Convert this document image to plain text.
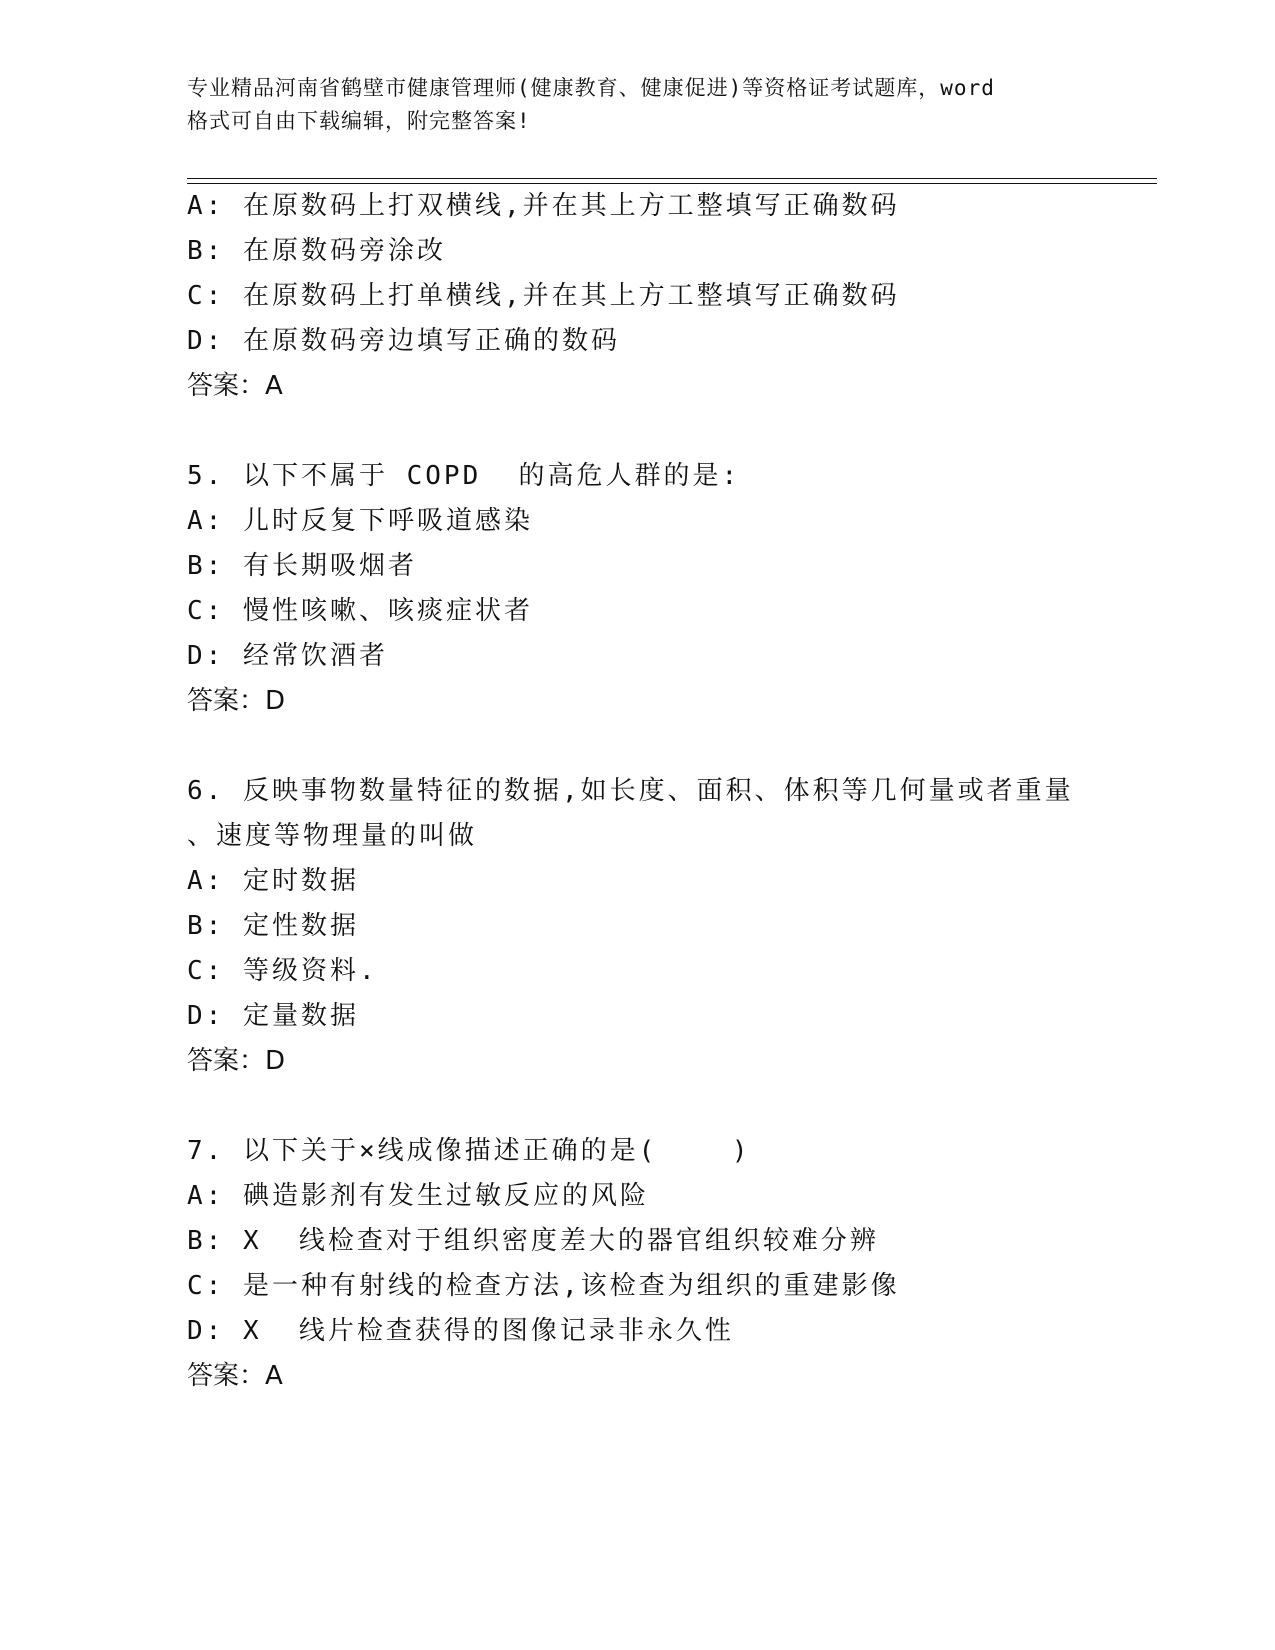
专业精品河南省鹤壁市健康管理师(健康教育、健康促进)等资格证考试题库，word
格式可自由下载编辑，附完整答案!
A: 在原数码上打双横线,并在其上方工整填写正确数码
B: 在原数码旁涂改
C: 在原数码上打单横线,并在其上方工整填写正确数码
D: 在原数码旁边填写正确的数码
答案：A
5. 以下不属于 COPD  的高危人群的是:
A: 儿时反复下呼吸道感染
B: 有长期吸烟者
C: 慢性咳嗽、咳痰症状者
D: 经常饮酒者
答案：D
6. 反映事物数量特征的数据,如长度、面积、体积等几何量或者重量
、速度等物理量的叫做
A: 定时数据
B: 定性数据
C: 等级资料.
D: 定量数据
答案：D
7. 以下关于×线成像描述正确的是(    )
A: 碘造影剂有发生过敏反应的风险
B: X  线检查对于组织密度差大的器官组织较难分辨
C: 是一种有射线的检查方法,该检查为组织的重建影像
D: X  线片检查获得的图像记录非永久性
答案：A
